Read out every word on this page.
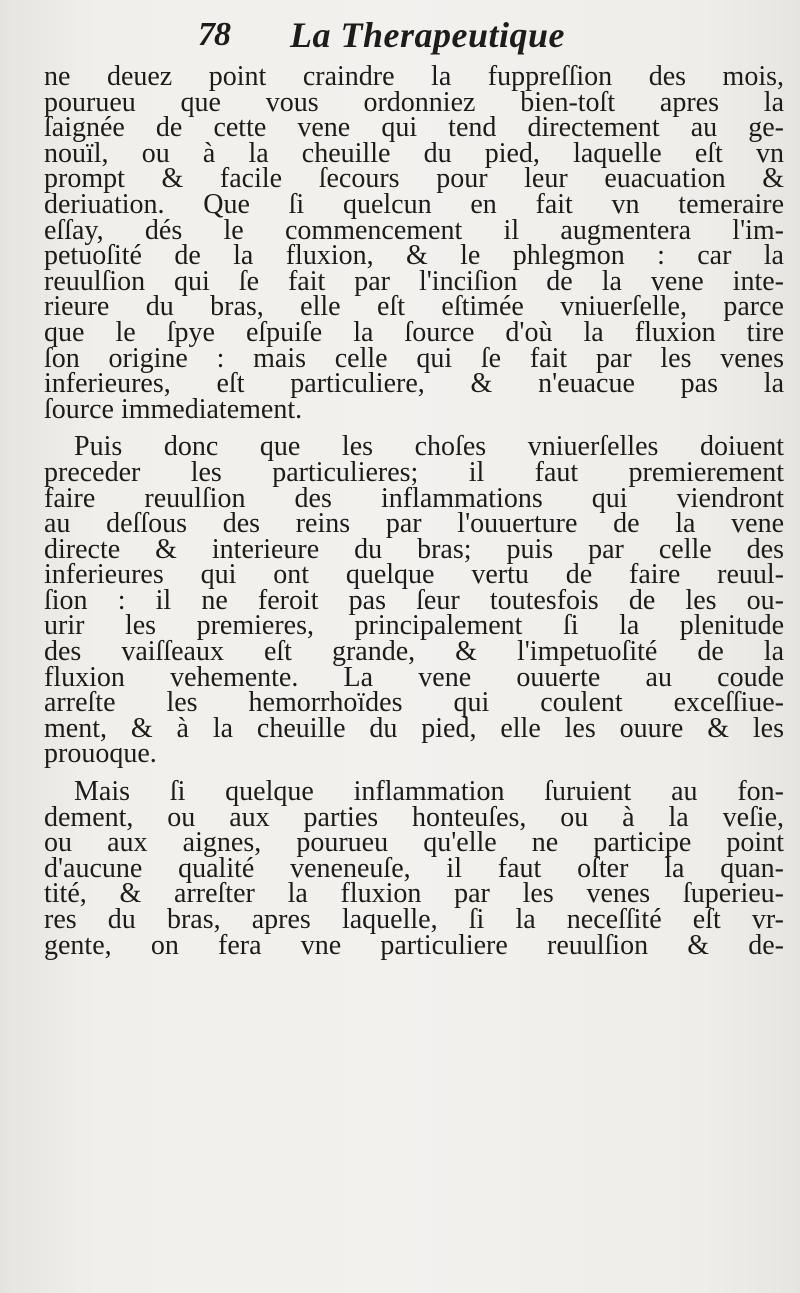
78 La Therapeutique
ne deuez point craindre la fuppreſſion des mois,
pourueu que vous ordonniez bien-toſt apres la
ſaignée de cette vene qui tend directement au ge-
nouïl, ou à la cheuille du pied, laquelle eſt vn
prompt & facile ſecours pour leur euacuation &
deriuation. Que ſi quelcun en fait vn temeraire
eſſay, dés le commencement il augmentera l'im-
petuoſité de la fluxion, & le phlegmon : car la
reuulſion qui ſe fait par l'inciſion de la vene inte-
rieure du bras, elle eſt eſtimée vniuerſelle, parce
que le ſpye eſpuiſe la ſource d'où la fluxion tire
ſon origine : mais celle qui ſe fait par les venes
inferieures, eſt particuliere, & n'euacue pas la
ſource immediatement.
Puis donc que les choſes vniuerſelles doiuent
preceder les particulieres; il faut premierement
faire reuulſion des inflammations qui viendront
au deſſous des reins par l'ouuerture de la vene
directe & interieure du bras; puis par celle des
inferieures qui ont quelque vertu de faire reuul-
ſion : il ne feroit pas ſeur toutesfois de les ou-
urir les premieres, principalement ſi la plenitude
des vaiſſeaux eſt grande, & l'impetuoſité de la
fluxion vehemente. La vene ouuerte au coude
arreſte les hemorrhoïdes qui coulent exceſſiue-
ment, & à la cheuille du pied, elle les ouure & les
prouoque.
Mais ſi quelque inflammation ſuruient au fon-
dement, ou aux parties honteuſes, ou à la veſie,
ou aux aignes, pourueu qu'elle ne participe point
d'aucune qualité veneneuſe, il faut oſter la quan-
tité, & arreſter la fluxion par les venes ſuperieu-
res du bras, apres laquelle, ſi la neceſſité eſt vr-
gente, on fera vne particuliere reuulſion & de-
